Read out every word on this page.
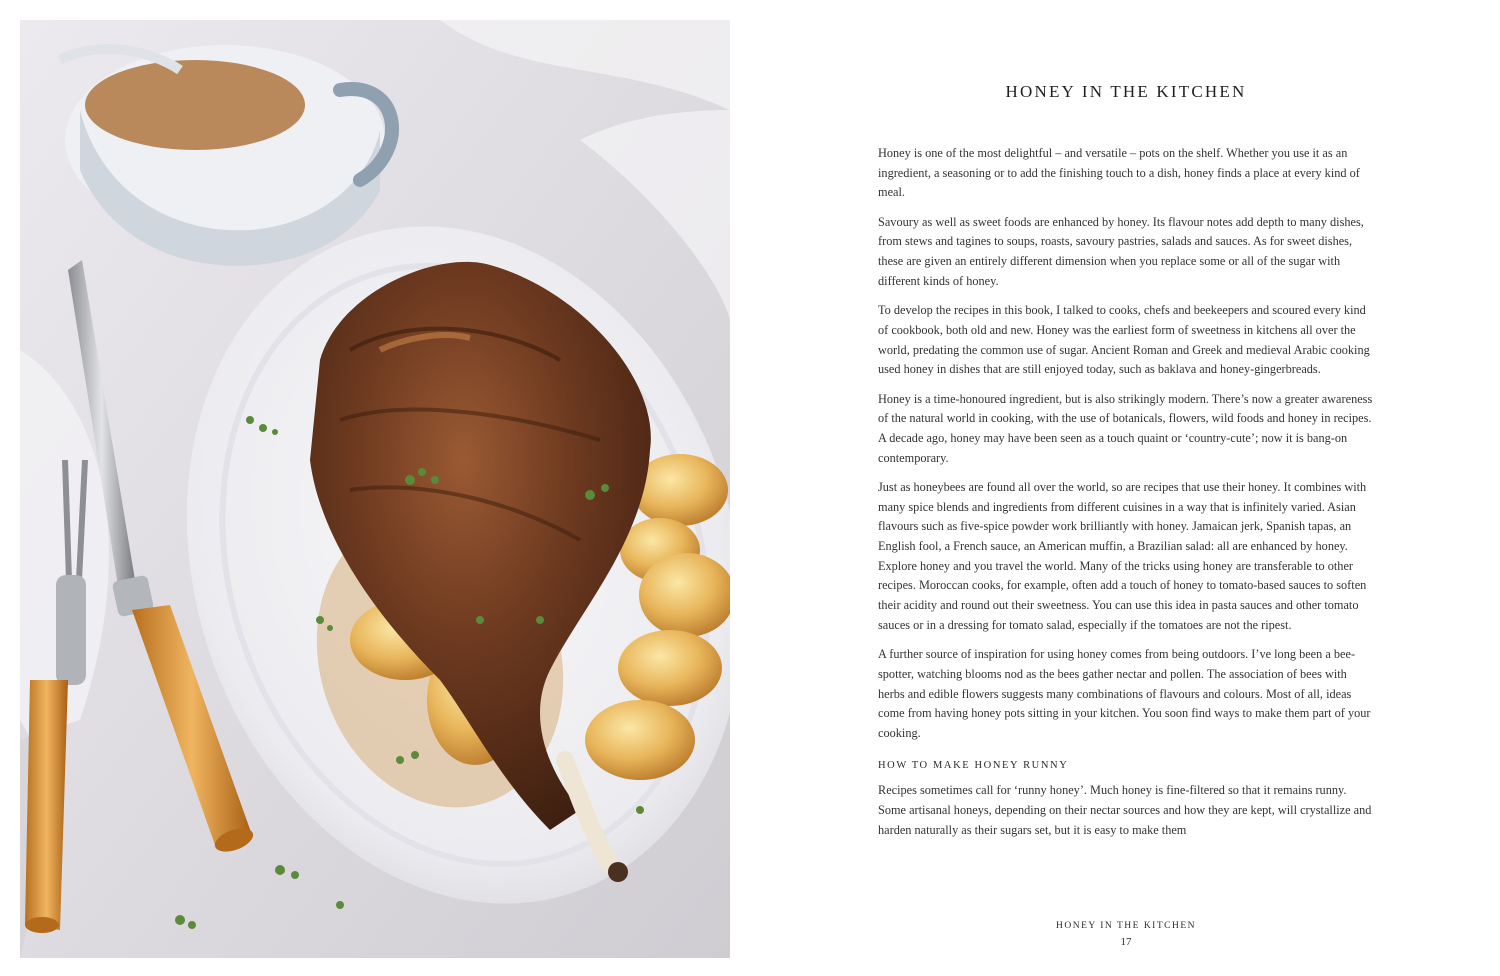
HONEY IN THE KITCHEN

Honey is one of the most delightful – and versatile – pots on the shelf. Whether you use it as an ingredient, a seasoning or to add the finishing touch to a dish, honey finds a place at every kind of meal.

Savoury as well as sweet foods are enhanced by honey. Its flavour notes add depth to many dishes, from stews and tagines to soups, roasts, savoury pastries, salads and sauces. As for sweet dishes, these are given an entirely different dimension when you replace some or all of the sugar with different kinds of honey.

To develop the recipes in this book, I talked to cooks, chefs and beekeepers and scoured every kind of cookbook, both old and new. Honey was the earliest form of sweetness in kitchens all over the world, predating the common use of sugar. Ancient Roman and Greek and medieval Arabic cooking used honey in dishes that are still enjoyed today, such as baklava and honey-gingerbreads.

Honey is a time-honoured ingredient, but is also strikingly modern. There’s now a greater awareness of the natural world in cooking, with the use of botanicals, flowers, wild foods and honey in recipes. A decade ago, honey may have been seen as a touch quaint or ‘country-cute’; now it is bang-on contemporary.

Just as honeybees are found all over the world, so are recipes that use their honey. It combines with many spice blends and ingredients from different cuisines in a way that is infinitely varied. Asian flavours such as five-spice powder work brilliantly with honey. Jamaican jerk, Spanish tapas, an English fool, a French sauce, an American muffin, a Brazilian salad: all are enhanced by honey. Explore honey and you travel the world. Many of the tricks using honey are transferable to other recipes. Moroccan cooks, for example, often add a touch of honey to tomato-based sauces to soften their acidity and round out their sweetness. You can use this idea in pasta sauces and other tomato sauces or in a dressing for tomato salad, especially if the tomatoes are not the ripest.

A further source of inspiration for using honey comes from being outdoors. I’ve long been a bee-spotter, watching blooms nod as the bees gather nectar and pollen. The association of bees with herbs and edible flowers suggests many combinations of flavours and colours. Most of all, ideas come from having honey pots sitting in your kitchen. You soon find ways to make them part of your cooking.

HOW TO MAKE HONEY RUNNY

Recipes sometimes call for ‘runny honey’. Much honey is fine-filtered so that it remains runny. Some artisanal honeys, depending on their nectar sources and how they are kept, will crystallize and harden naturally as their sugars set, but it is easy to make them

HONEY IN THE KITCHEN
17
